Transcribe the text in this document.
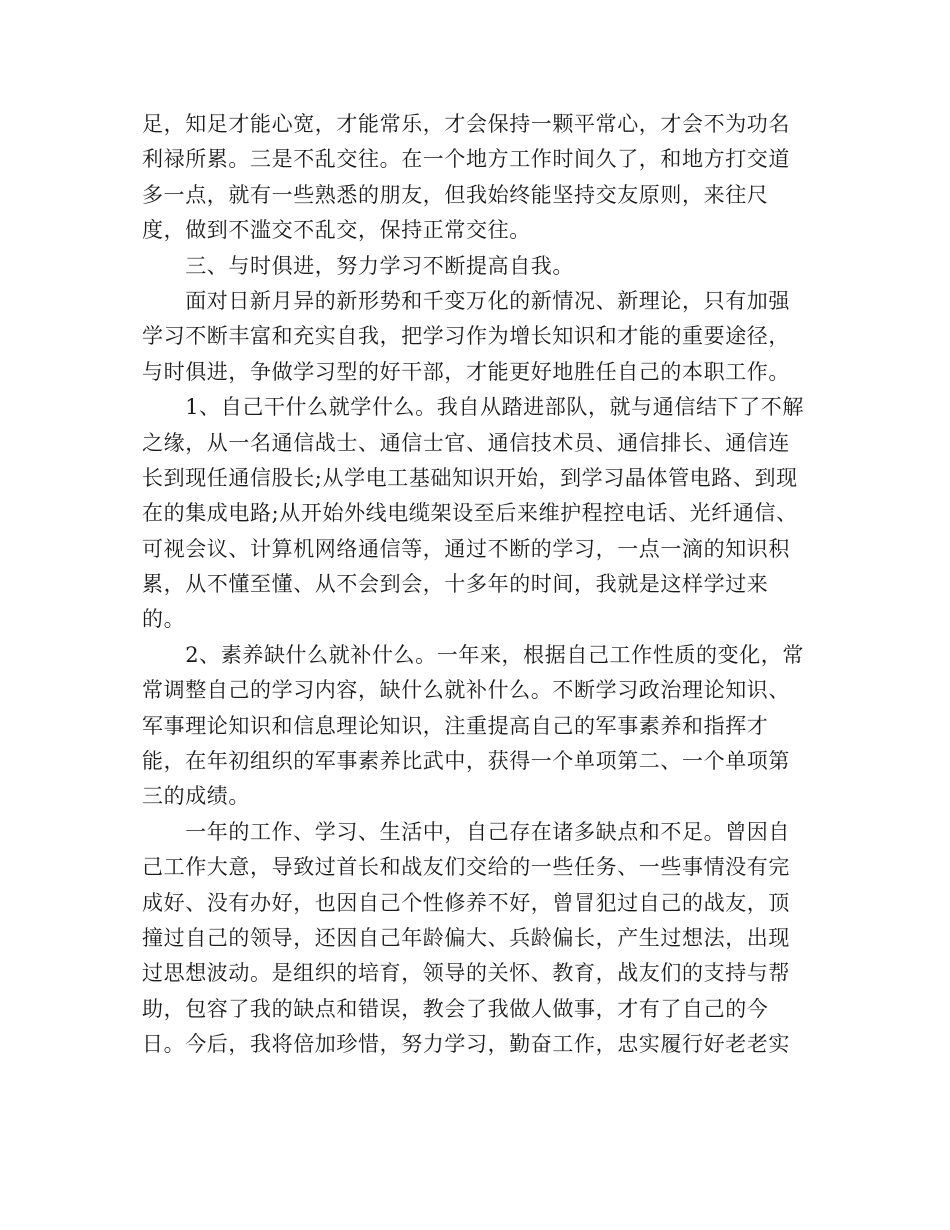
足，知足才能心宽，才能常乐，才会保持一颗平常心，才会不为功名
利禄所累。三是不乱交往。在一个地方工作时间久了，和地方打交道
多一点，就有一些熟悉的朋友，但我始终能坚持交友原则，来往尺
度，做到不滥交不乱交，保持正常交往。
　　三、与时俱进，努力学习不断提高自我。
　　面对日新月异的新形势和千变万化的新情况、新理论，只有加强
学习不断丰富和充实自我，把学习作为增长知识和才能的重要途径，
与时俱进，争做学习型的好干部，才能更好地胜任自己的本职工作。
　　1、自己干什么就学什么。我自从踏进部队，就与通信结下了不解
之缘，从一名通信战士、通信士官、通信技术员、通信排长、通信连
长到现任通信股长;从学电工基础知识开始，到学习晶体管电路、到现
在的集成电路;从开始外线电缆架设至后来维护程控电话、光纤通信、
可视会议、计算机网络通信等，通过不断的学习，一点一滴的知识积
累，从不懂至懂、从不会到会，十多年的时间，我就是这样学过来
的。
　　2、素养缺什么就补什么。一年来，根据自己工作性质的变化，常
常调整自己的学习内容，缺什么就补什么。不断学习政治理论知识、
军事理论知识和信息理论知识，注重提高自己的军事素养和指挥才
能，在年初组织的军事素养比武中，获得一个单项第二、一个单项第
三的成绩。
　　一年的工作、学习、生活中，自己存在诸多缺点和不足。曾因自
己工作大意，导致过首长和战友们交给的一些任务、一些事情没有完
成好、没有办好，也因自己个性修养不好，曾冒犯过自己的战友，顶
撞过自己的领导，还因自己年龄偏大、兵龄偏长，产生过想法，出现
过思想波动。是组织的培育，领导的关怀、教育，战友们的支持与帮
助，包容了我的缺点和错误，教会了我做人做事，才有了自己的今
日。今后，我将倍加珍惜，努力学习，勤奋工作，忠实履行好老老实
